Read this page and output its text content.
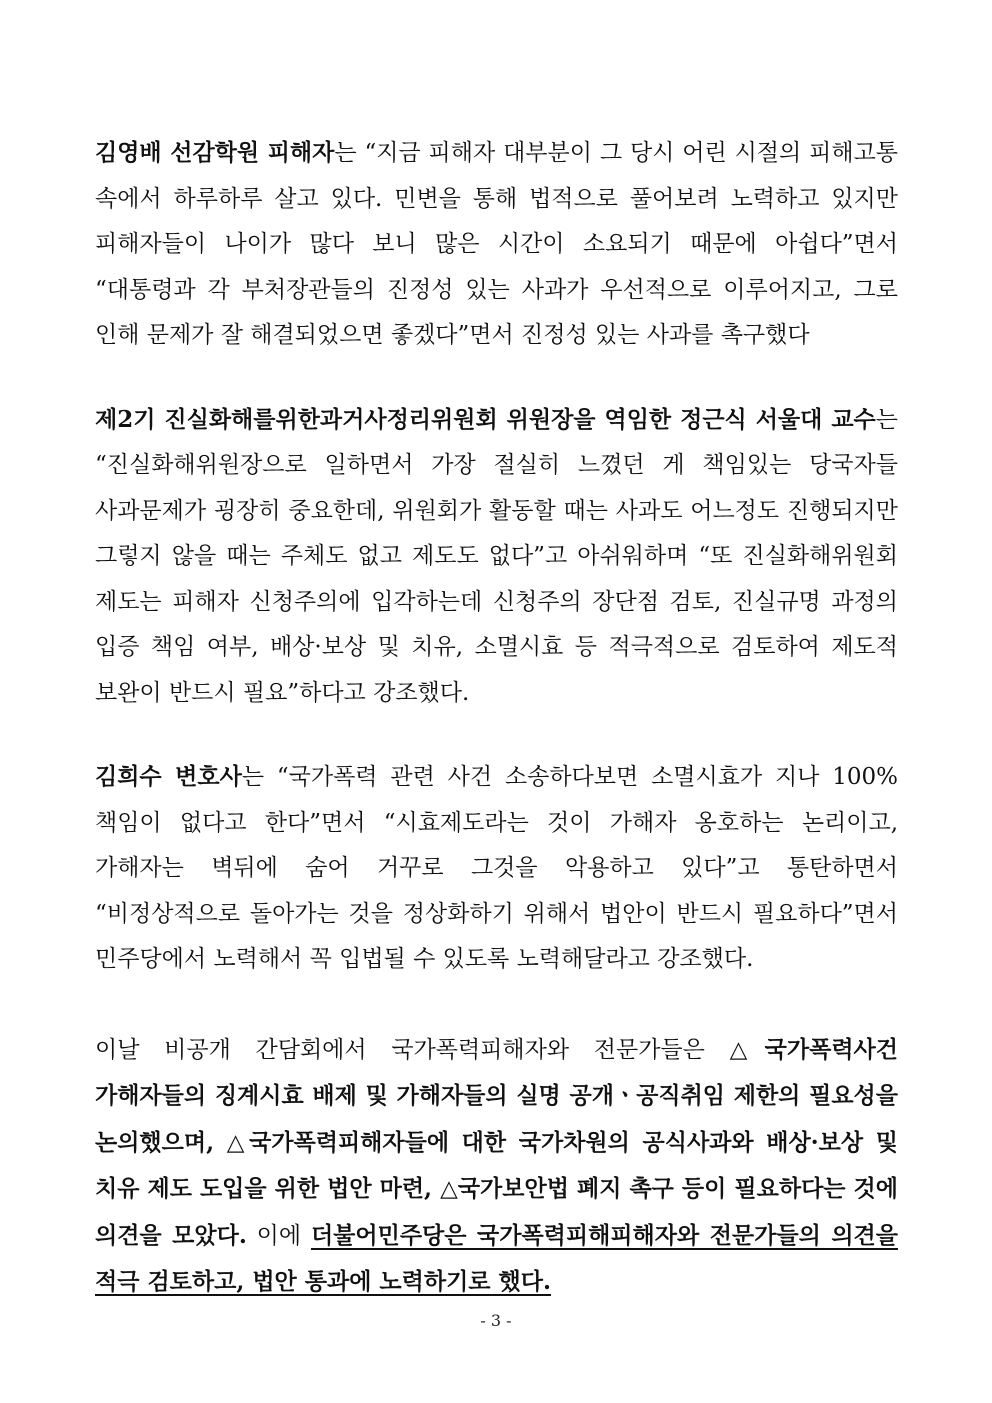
김영배 선감학원 피해자는 “지금 피해자 대부분이 그 당시 어린 시절의 피해고통 속에서 하루하루 살고 있다. 민변을 통해 법적으로 풀어보려 노력하고 있지만 피해자들이 나이가 많다 보니 많은 시간이 소요되기 때문에 아쉽다”면서 “대통령과 각 부처장관들의 진정성 있는 사과가 우선적으로 이루어지고, 그로 인해 문제가 잘 해결되었으면 좋겠다”면서 진정성 있는 사과를 촉구했다

제2기 진실화해를위한과거사정리위원회 위원장을 역임한 정근식 서울대 교수는 “진실화해위원장으로 일하면서 가장 절실히 느꼈던 게 책임있는 당국자들 사과문제가 굉장히 중요한데, 위원회가 활동할 때는 사과도 어느정도 진행되지만 그렇지 않을 때는 주체도 없고 제도도 없다”고 아쉬워하며 “또 진실화해위원회 제도는 피해자 신청주의에 입각하는데 신청주의 장단점 검토, 진실규명 과정의 입증 책임 여부, 배상·보상 및 치유, 소멸시효 등 적극적으로 검토하여 제도적 보완이 반드시 필요”하다고 강조했다.

김희수 변호사는 “국가폭력 관련 사건 소송하다보면 소멸시효가 지나 100% 책임이 없다고 한다”면서 “시효제도라는 것이 가해자 옹호하는 논리이고, 가해자는 벽뒤에 숨어 거꾸로 그것을 악용하고 있다”고 통탄하면서 “비정상적으로 돌아가는 것을 정상화하기 위해서 법안이 반드시 필요하다”면서 민주당에서 노력해서 꼭 입법될 수 있도록 노력해달라고 강조했다.

이날 비공개 간담회에서 국가폭력피해자와 전문가들은 △국가폭력사건 가해자들의 징계시효 배제 및 가해자들의 실명 공개ㆍ공직취임 제한의 필요성을 논의했으며, △국가폭력피해자들에 대한 국가차원의 공식사과와 배상·보상 및 치유 제도 도입을 위한 법안 마련, △국가보안법 폐지 촉구 등이 필요하다는 것에 의견을 모았다. 이에 더불어민주당은 국가폭력피해피해자와 전문가들의 의견을 적극 검토하고, 법안 통과에 노력하기로 했다.

- 3 -
